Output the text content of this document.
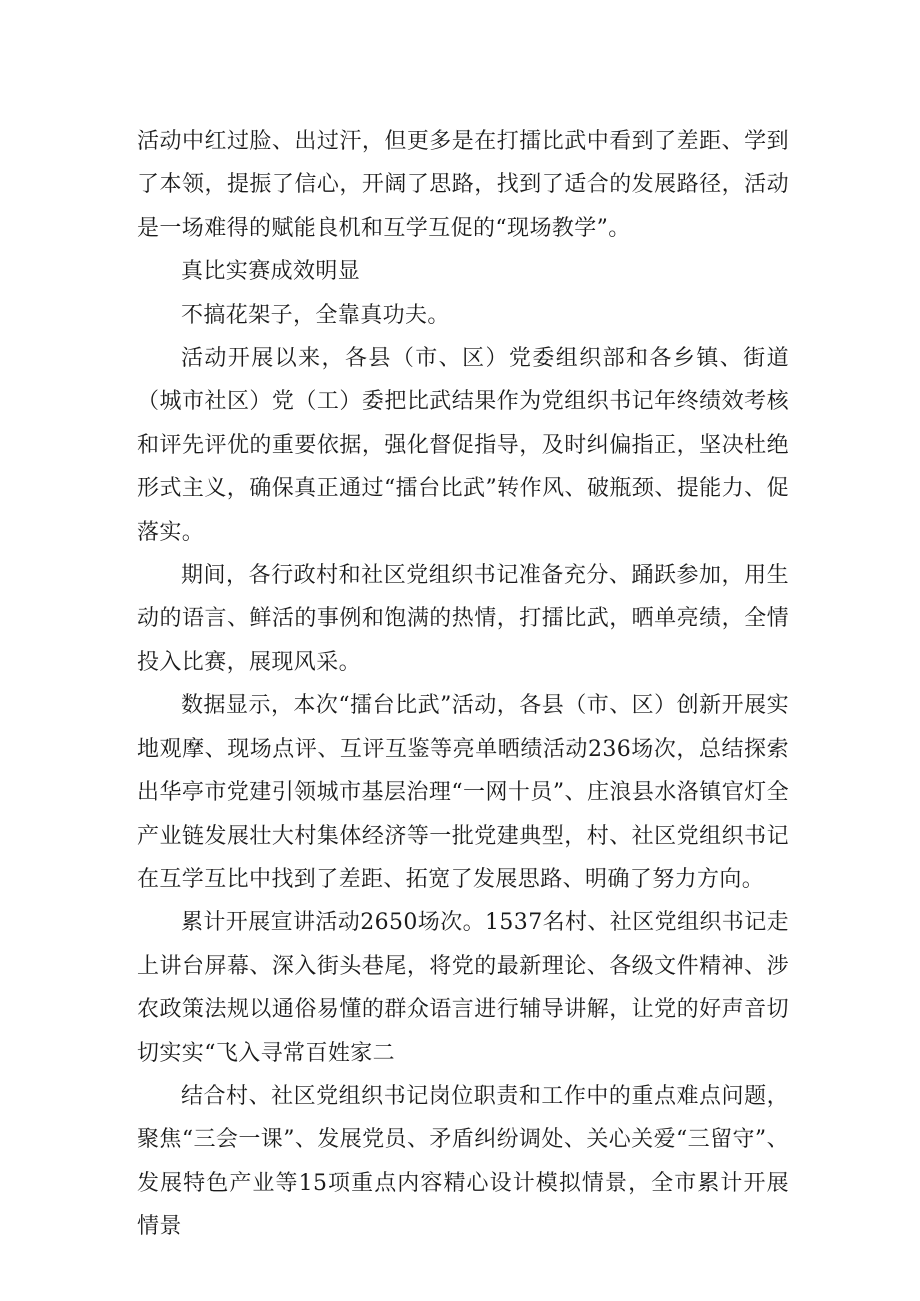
活动中红过脸、出过汗，但更多是在打擂比武中看到了差距、学到了本领，提振了信心，开阔了思路，找到了适合的发展路径，活动是一场难得的赋能良机和互学互促的“现场教学”。

真比实赛成效明显

不搞花架子，全靠真功夫。

活动开展以来，各县（市、区）党委组织部和各乡镇、街道（城市社区）党（工）委把比武结果作为党组织书记年终绩效考核和评先评优的重要依据，强化督促指导，及时纠偏指正，坚决杜绝形式主义，确保真正通过“擂台比武”转作风、破瓶颈、提能力、促落实。

期间，各行政村和社区党组织书记准备充分、踊跃参加，用生动的语言、鲜活的事例和饱满的热情，打擂比武，晒单亮绩，全情投入比赛，展现风采。

数据显示，本次“擂台比武”活动，各县（市、区）创新开展实地观摩、现场点评、互评互鉴等亮单晒绩活动236场次，总结探索出华亭市党建引领城市基层治理“一网十员”、庄浪县水洛镇官灯全产业链发展壮大村集体经济等一批党建典型，村、社区党组织书记在互学互比中找到了差距、拓宽了发展思路、明确了努力方向。

累计开展宣讲活动2650场次。1537名村、社区党组织书记走上讲台屏幕、深入街头巷尾，将党的最新理论、各级文件精神、涉农政策法规以通俗易懂的群众语言进行辅导讲解，让党的好声音切切实实“飞入寻常百姓家二

结合村、社区党组织书记岗位职责和工作中的重点难点问题，聚焦“三会一课”、发展党员、矛盾纠纷调处、关心关爱“三留守”、发展特色产业等15项重点内容精心设计模拟情景，全市累计开展情景
